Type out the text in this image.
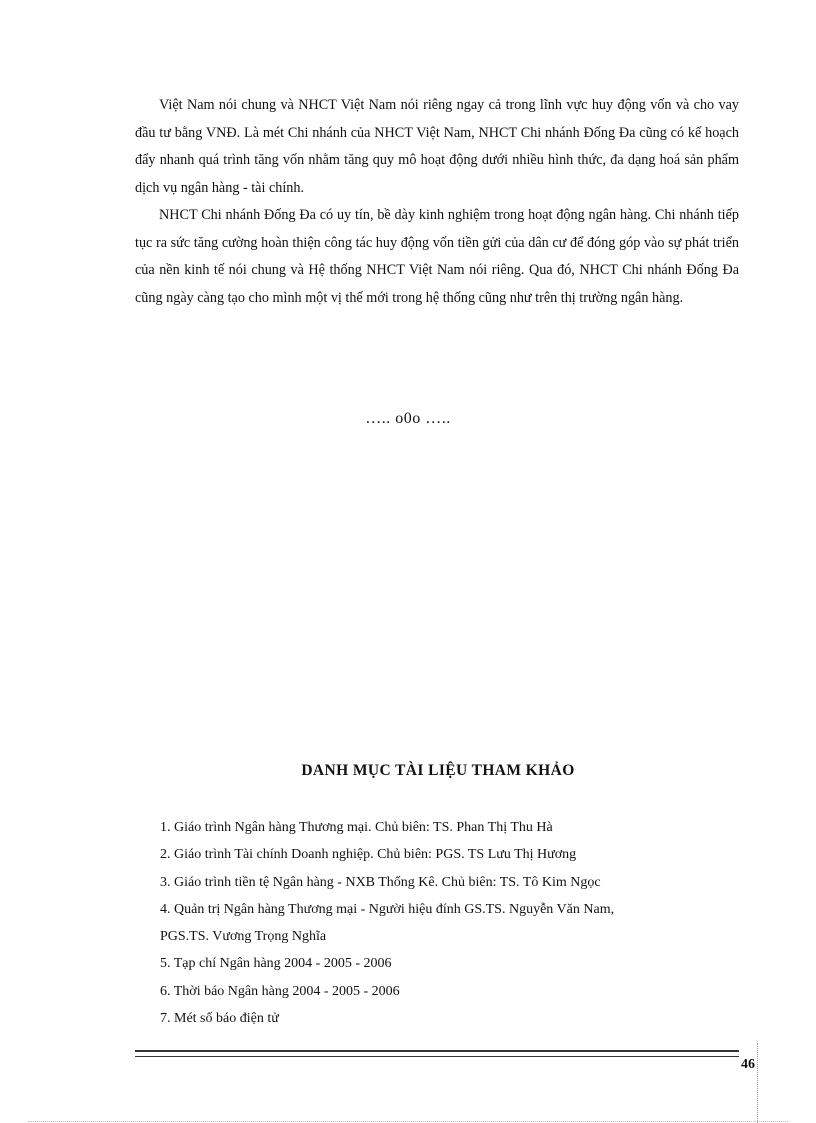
Việt Nam nói chung và NHCT Việt Nam nói riêng ngay cả trong lĩnh vực huy động vốn và cho vay đầu tư bằng VNĐ. Là mét Chi nhánh của NHCT Việt Nam, NHCT Chi nhánh Đống Đa cũng có kế hoạch đẩy nhanh quá trình tăng vốn nhằm tăng quy mô hoạt động dưới nhiều hình thức, đa dạng hoá sản phẩm dịch vụ ngân hàng - tài chính.

NHCT Chi nhánh Đống Đa có uy tín, bề dày kinh nghiệm trong hoạt động ngân hàng. Chi nhánh tiếp tục ra sức tăng cường hoàn thiện công tác huy động vốn tiền gửi của dân cư để đóng góp vào sự phát triển của nền kinh tế nói chung và Hệ thống NHCT Việt Nam nói riêng. Qua đó, NHCT Chi nhánh Đống Đa cũng ngày càng tạo cho mình một vị thế mới trong hệ thống cũng như trên thị trường ngân hàng.

….. o0o …..
DANH MỤC TÀI LIỆU THAM KHẢO
1. Giáo trình Ngân hàng Thương mại. Chủ biên: TS. Phan Thị Thu Hà
2. Giáo trình Tài chính Doanh nghiệp. Chủ biên: PGS. TS Lưu Thị Hương
3. Giáo trình tiền tệ Ngân hàng - NXB Thống Kê. Chủ biên: TS. Tô Kim Ngọc
4. Quản trị Ngân hàng Thương mại - Người hiệu đính GS.TS. Nguyễn Văn Nam,
PGS.TS. Vương Trọng Nghĩa
5. Tạp chí Ngân hàng 2004 - 2005 - 2006
6. Thời báo Ngân hàng 2004 - 2005 - 2006
7. Mét số báo điện tử
46
